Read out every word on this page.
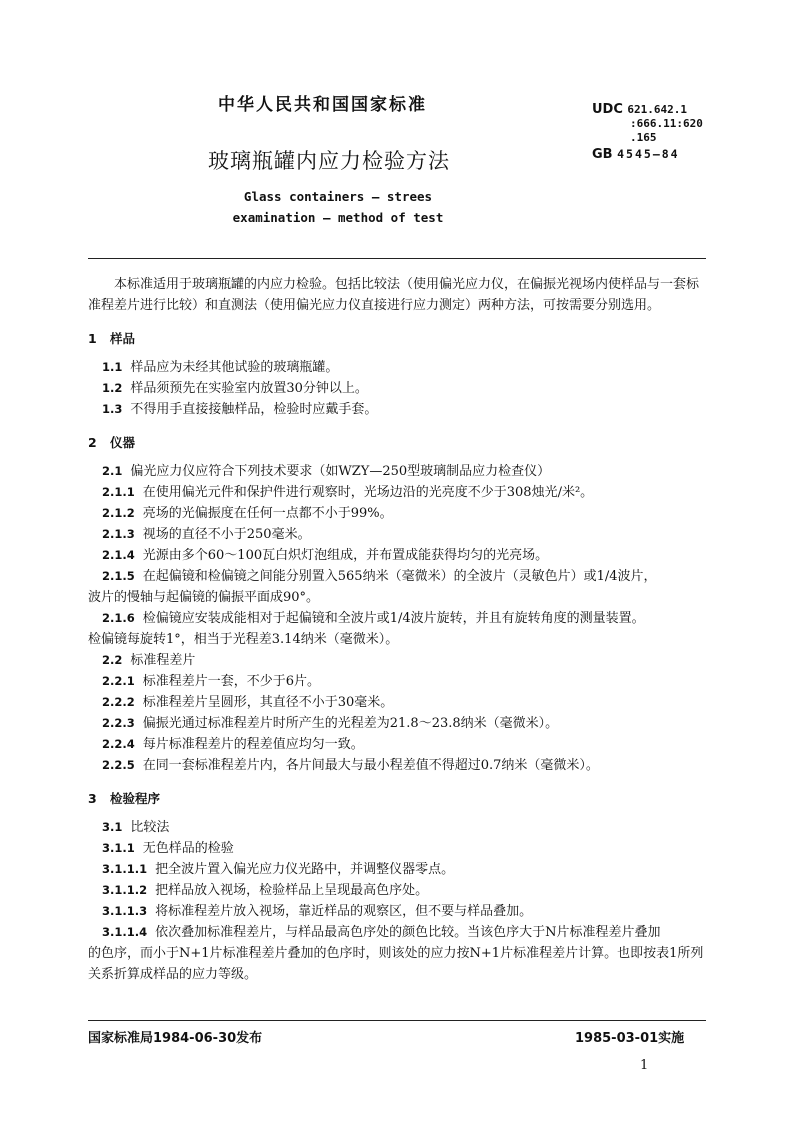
中华人民共和国国家标准
玻璃瓶罐内应力检验方法
Glass containers — strees
examination — method of test
UDC 621.642.1
:666.11:620
.165
GB 4545—84

本标准适用于玻璃瓶罐的内应力检验。包括比较法（使用偏光应力仪，在偏振光视场内使样品与一套标准程差片进行比较）和直测法（使用偏光应力仪直接进行应力测定）两种方法，可按需要分别选用。

1 样品

1.1 样品应为未经其他试验的玻璃瓶罐。

1.2 样品须预先在实验室内放置30分钟以上。

1.3 不得用手直接接触样品，检验时应戴手套。

2 仪器

2.1 偏光应力仪应符合下列技术要求（如WZY—250型玻璃制品应力检查仪）

2.1.1 在使用偏光元件和保护件进行观察时，光场边沿的光亮度不少于308烛光/米²。

2.1.2 亮场的光偏振度在任何一点都不小于99%。

2.1.3 视场的直径不小于250毫米。

2.1.4 光源由多个60～100瓦白炽灯泡组成，并布置成能获得均匀的光亮场。

2.1.5 在起偏镜和检偏镜之间能分别置入565纳米（毫微米）的全波片（灵敏色片）或1/4波片，

波片的慢轴与起偏镜的偏振平面成90°。

2.1.6 检偏镜应安装成能相对于起偏镜和全波片或1/4波片旋转，并且有旋转角度的测量装置。

检偏镜每旋转1°，相当于光程差3.14纳米（毫微米）。

2.2 标准程差片

2.2.1 标准程差片一套，不少于6片。

2.2.2 标准程差片呈圆形，其直径不小于30毫米。

2.2.3 偏振光通过标准程差片时所产生的光程差为21.8～23.8纳米（毫微米）。

2.2.4 每片标准程差片的程差值应均匀一致。

2.2.5 在同一套标准程差片内，各片间最大与最小程差值不得超过0.7纳米（毫微米）。

3 检验程序

3.1 比较法

3.1.1 无色样品的检验

3.1.1.1 把全波片置入偏光应力仪光路中，并调整仪器零点。

3.1.1.2 把样品放入视场，检验样品上呈现最高色序处。

3.1.1.3 将标准程差片放入视场，靠近样品的观察区，但不要与样品叠加。

3.1.1.4 依次叠加标准程差片，与样品最高色序处的颜色比较。当该色序大于N片标准程差片叠加

的色序，而小于N+1片标准程差片叠加的色序时，则该处的应力按N+1片标准程差片计算。也即按表1所列关系折算成样品的应力等级。

国家标准局1984-06-30发布	1985-03-01实施
1
